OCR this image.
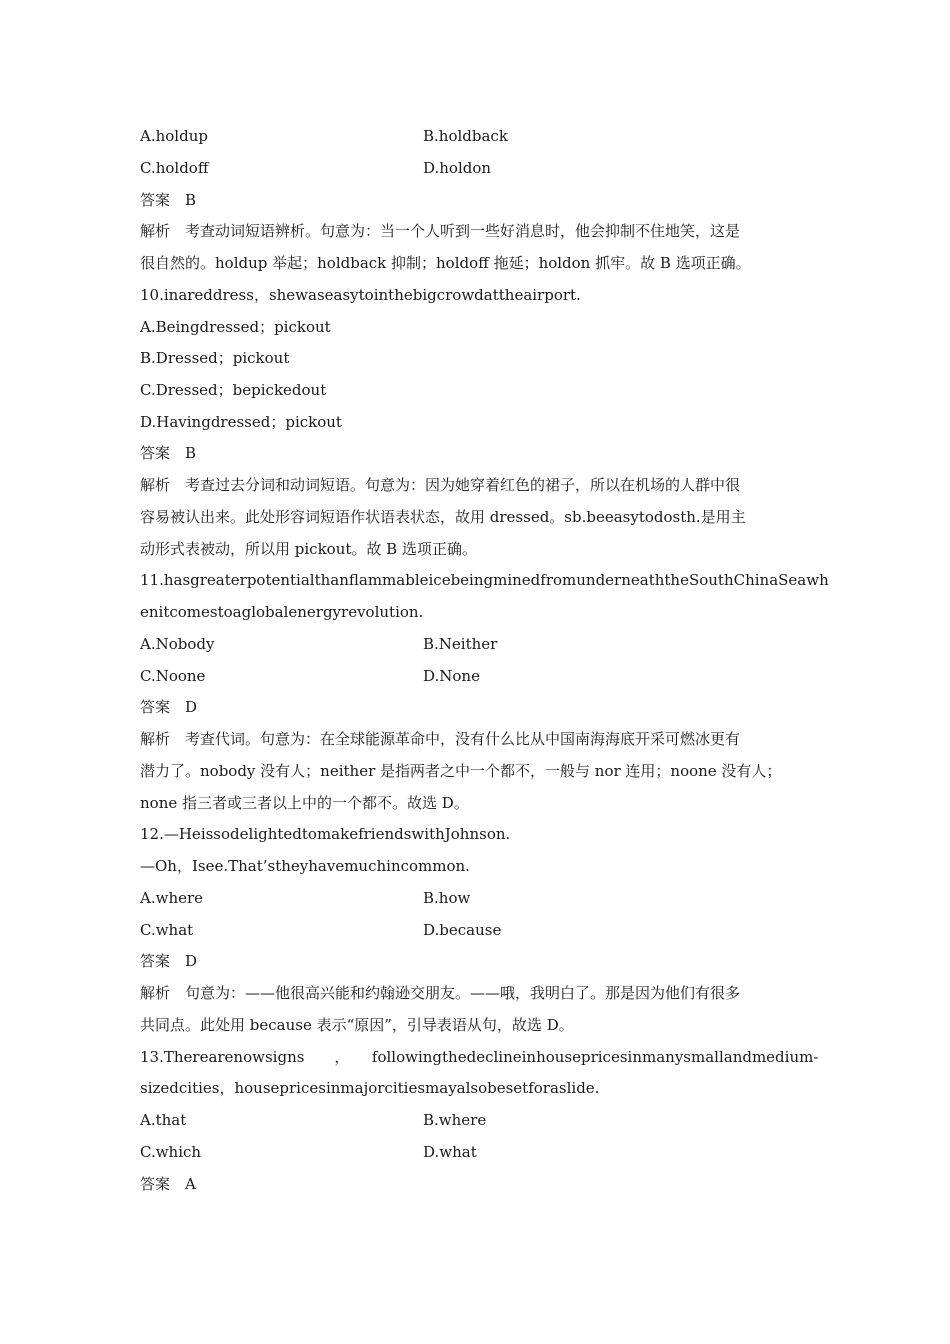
A.holdup	B.holdback
C.holdoff	D.holdon
答案　B
解析　考查动词短语辨析。句意为：当一个人听到一些好消息时，他会抑制不住地笑，这是
很自然的。holdup 举起；holdback 抑制；holdoff 拖延；holdon 抓牢。故 B 选项正确。
10.inareddress，shewaseasytointhebigcrowdattheairport.
A.Beingdressed；pickout
B.Dressed；pickout
C.Dressed；bepickedout
D.Havingdressed；pickout
答案　B
解析　考查过去分词和动词短语。句意为：因为她穿着红色的裙子，所以在机场的人群中很
容易被认出来。此处形容词短语作状语表状态，故用 dressed。sb.beeasytodosth.是用主
动形式表被动，所以用 pickout。故 B 选项正确。
11.hasgreaterpotentialthanflammableicebeingminedfromunderneaththeSouthChinaSeawh
enitcomestoaglobalenergyrevolution.
A.Nobody	B.Neither
C.Noone	D.None
答案　D
解析　考查代词。句意为：在全球能源革命中，没有什么比从中国南海海底开采可燃冰更有
潜力了。nobody 没有人；neither 是指两者之中一个都不，一般与 nor 连用；noone 没有人；
none 指三者或三者以上中的一个都不。故选 D。
12.—HeissodelightedtomakefriendswithJohnson.
—Oh，Isee.That’stheyhavemuchincommon.
A.where	B.how
C.what	D.because
答案　D
解析　句意为：——他很高兴能和约翰逊交朋友。——哦，我明白了。那是因为他们有很多
共同点。此处用 because 表示“原因”，引导表语从句，故选 D。
13.Therearenowsigns　　，　　followingthedeclineinhousepricesinmanysmallandmedium-
sizedcities，housepricesinmajorcitiesmayalsobesetforaslide.
A.that	B.where
C.which	D.what
答案　A
